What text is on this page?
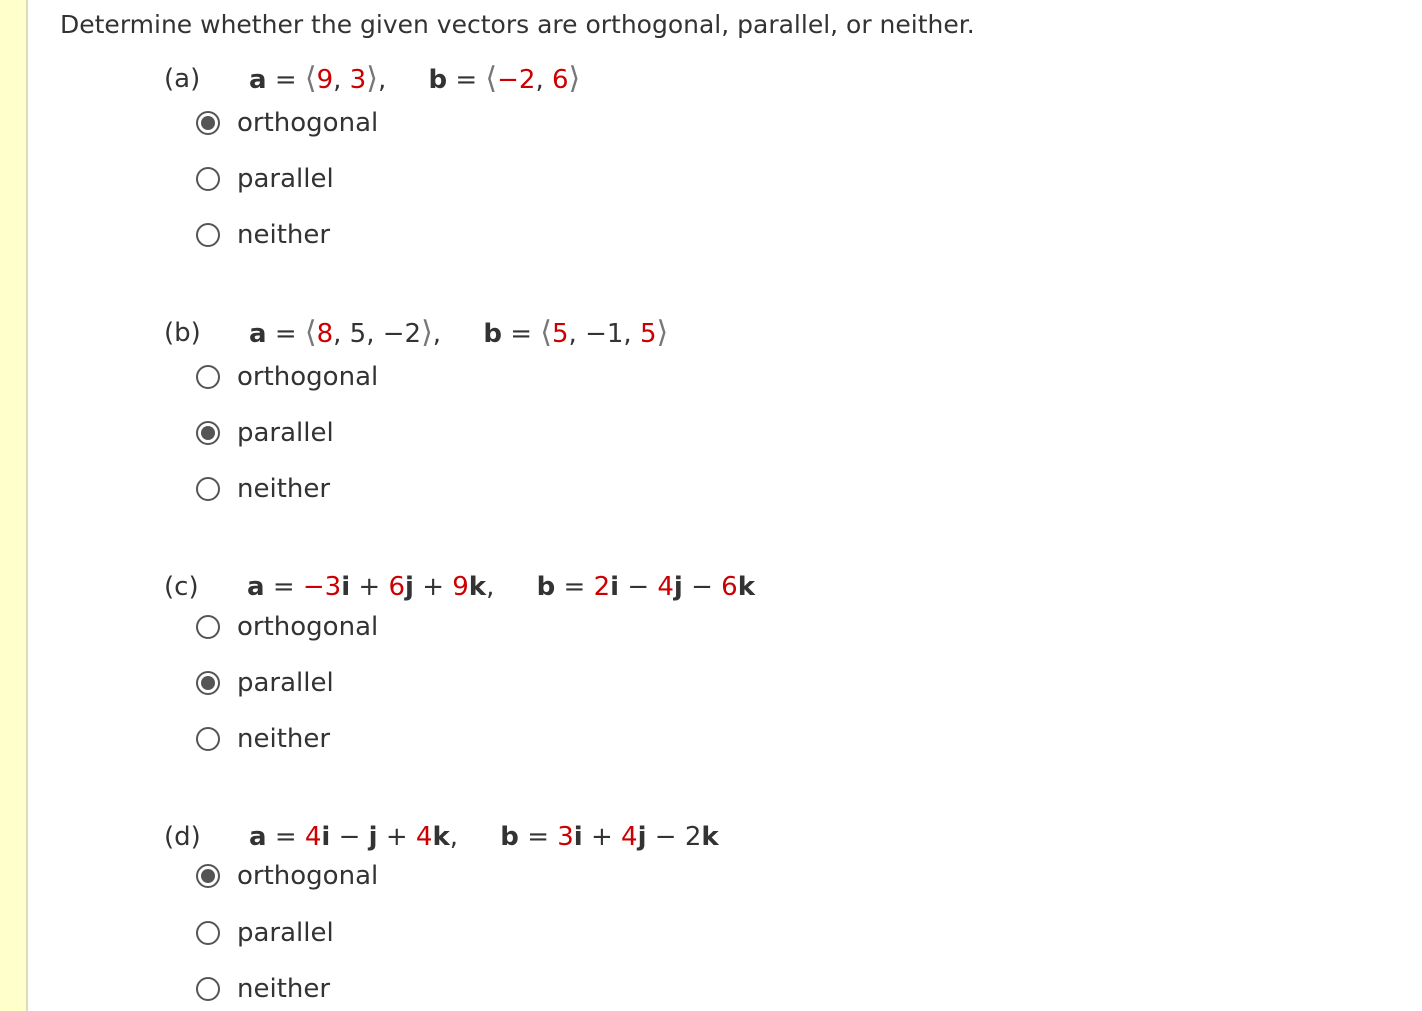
Determine whether the given vectors are orthogonal, parallel, or neither.
(a) a = ⟨9, 3⟩, b = ⟨−2, 6⟩
orthogonal
parallel
neither
(b) a = ⟨8, 5, −2⟩, b = ⟨5, −1, 5⟩
orthogonal
parallel
neither
(c) a = −3i + 6j + 9k, b = 2i − 4j − 6k
orthogonal
parallel
neither
(d) a = 4i − j + 4k, b = 3i + 4j − 2k
orthogonal
parallel
neither
